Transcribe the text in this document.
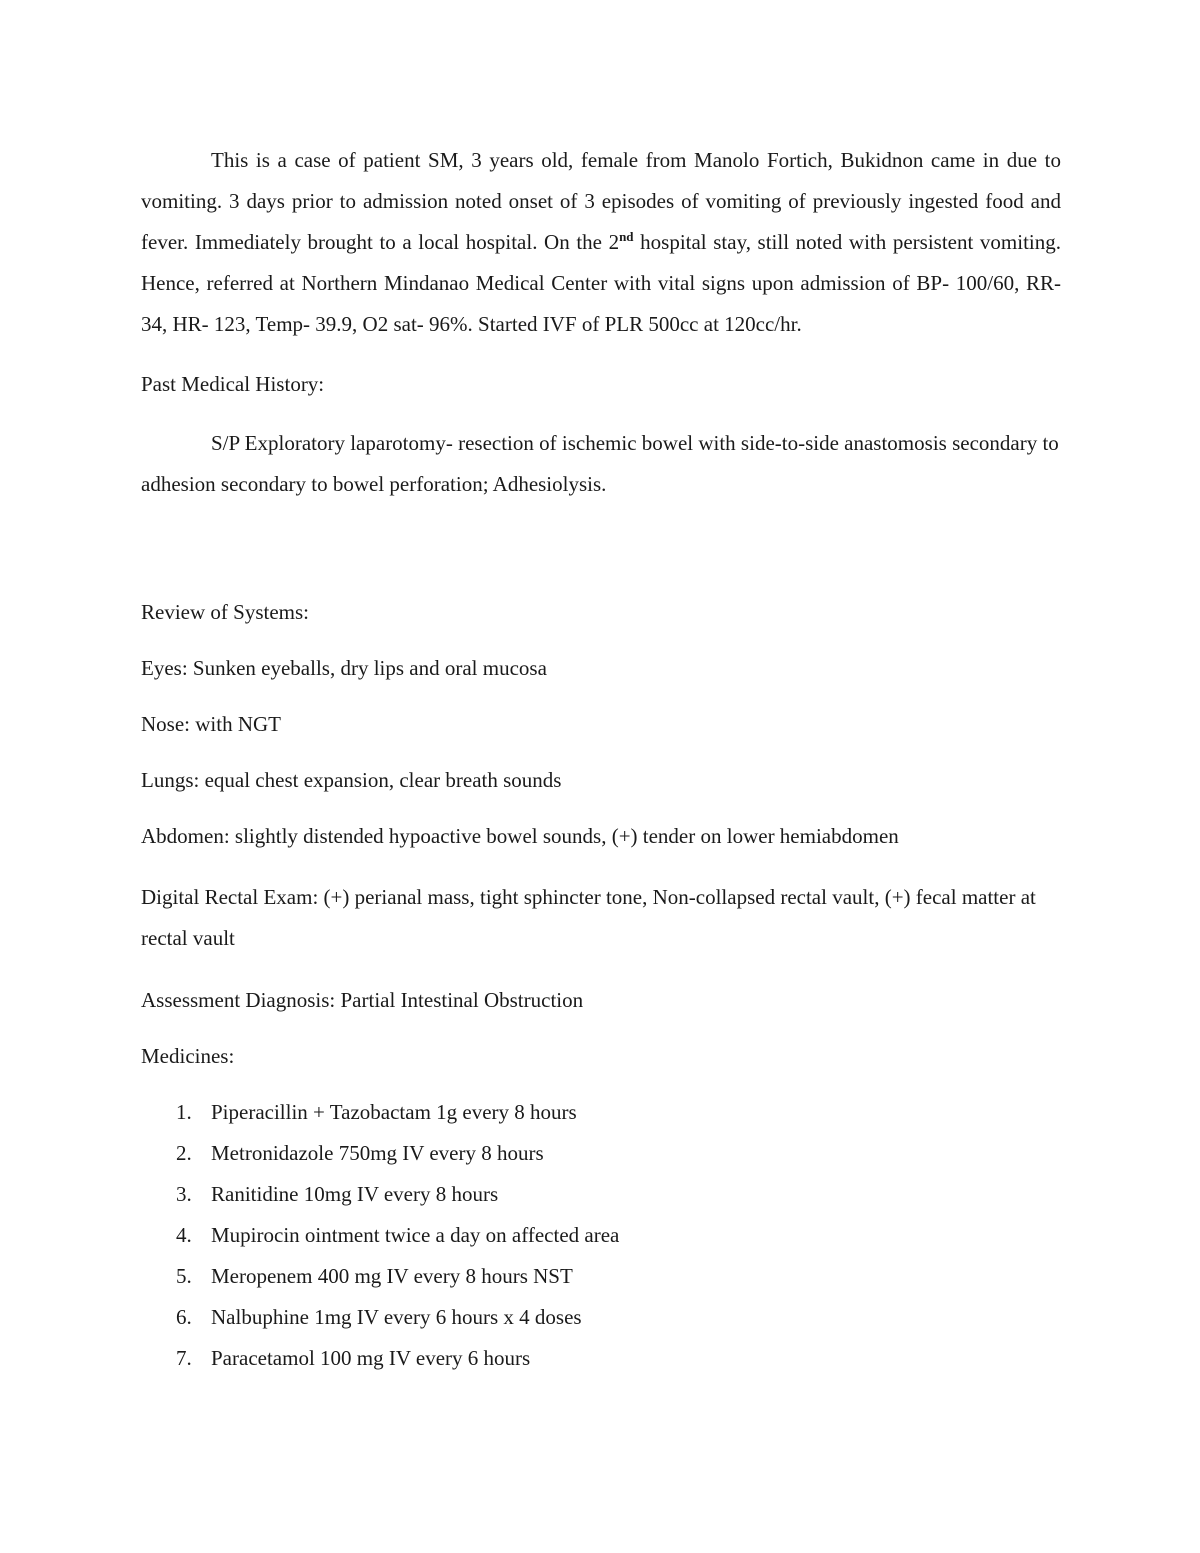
This is a case of patient SM, 3 years old, female from Manolo Fortich, Bukidnon came in due to vomiting. 3 days prior to admission noted onset of 3 episodes of vomiting of previously ingested food and fever. Immediately brought to a local hospital. On the 2nd hospital stay, still noted with persistent vomiting. Hence, referred at Northern Mindanao Medical Center with vital signs upon admission of BP- 100/60, RR- 34, HR- 123, Temp- 39.9, O2 sat- 96%. Started IVF of PLR 500cc at 120cc/hr.

Past Medical History:

S/P Exploratory laparotomy- resection of ischemic bowel with side-to-side anastomosis secondary to adhesion secondary to bowel perforation; Adhesiolysis.

Review of Systems:

Eyes: Sunken eyeballs, dry lips and oral mucosa

Nose: with NGT

Lungs: equal chest expansion, clear breath sounds

Abdomen: slightly distended hypoactive bowel sounds, (+) tender on lower hemiabdomen

Digital Rectal Exam: (+) perianal mass, tight sphincter tone, Non-collapsed rectal vault, (+) fecal matter at rectal vault

Assessment Diagnosis: Partial Intestinal Obstruction

Medicines:

1. Piperacillin + Tazobactam 1g every 8 hours
2. Metronidazole 750mg IV every 8 hours
3. Ranitidine 10mg IV every 8 hours
4. Mupirocin ointment twice a day on affected area
5. Meropenem 400 mg IV every 8 hours NST
6. Nalbuphine 1mg IV every 6 hours x 4 doses
7. Paracetamol 100 mg IV every 6 hours
